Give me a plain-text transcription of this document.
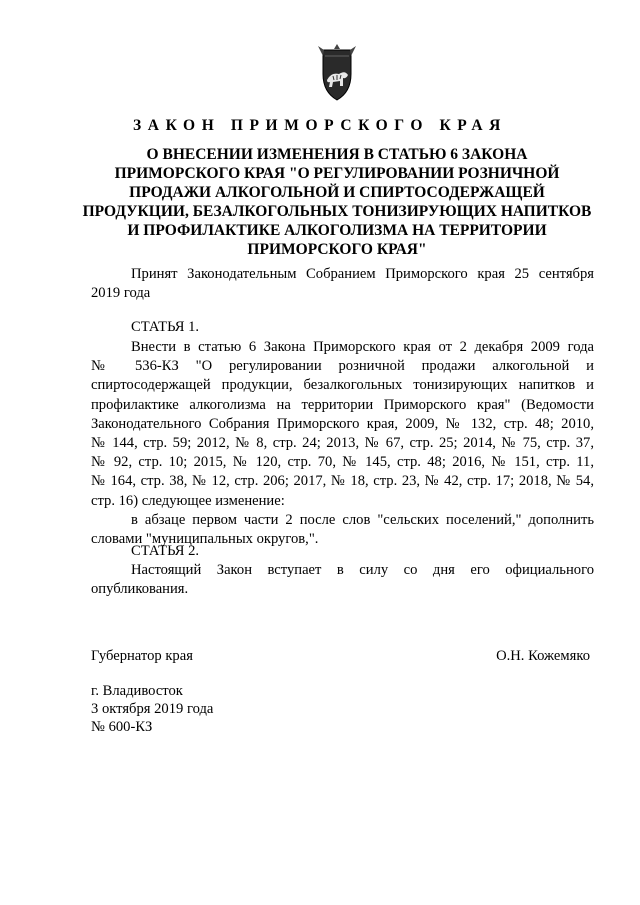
ЗАКОН ПРИМОРСКОГО КРАЯ
О ВНЕСЕНИИ ИЗМЕНЕНИЯ В СТАТЬЮ 6 ЗАКОНА
ПРИМОРСКОГО КРАЯ "О РЕГУЛИРОВАНИИ РОЗНИЧНОЙ
ПРОДАЖИ АЛКОГОЛЬНОЙ И СПИРТОСОДЕРЖАЩЕЙ
ПРОДУКЦИИ, БЕЗАЛКОГОЛЬНЫХ ТОНИЗИРУЮЩИХ НАПИТКОВ
И ПРОФИЛАКТИКЕ АЛКОГОЛИЗМА НА ТЕРРИТОРИИ
ПРИМОРСКОГО КРАЯ"
Принят Законодательным Собранием Приморского края 25 сентября
2019 года
СТАТЬЯ 1.
Внести в статью 6 Закона Приморского края от 2 декабря 2009 года
№ 536-КЗ "О регулировании розничной продажи алкогольной и
спиртосодержащей продукции, безалкогольных тонизирующих напитков и
профилактике алкоголизма на территории Приморского края" (Ведомости
Законодательного Собрания Приморского края, 2009, № 132, стр. 48; 2010,
№ 144, стр. 59; 2012, № 8, стр. 24; 2013, № 67, стр. 25; 2014, № 75, стр. 37,
№ 92, стр. 10; 2015, № 120, стр. 70, № 145, стр. 48; 2016, № 151, стр. 11,
№ 164, стр. 38, № 12, стр. 206; 2017, № 18, стр. 23, № 42, стр. 17; 2018, № 54,
стр. 16) следующее изменение:
в абзаце первом части 2 после слов "сельских поселений," дополнить
словами "муниципальных округов,".
СТАТЬЯ 2.
Настоящий Закон вступает в силу со дня его официального
опубликования.
Губернатор края	О.Н. Кожемяко
г. Владивосток
3 октября 2019 года
№ 600-КЗ
